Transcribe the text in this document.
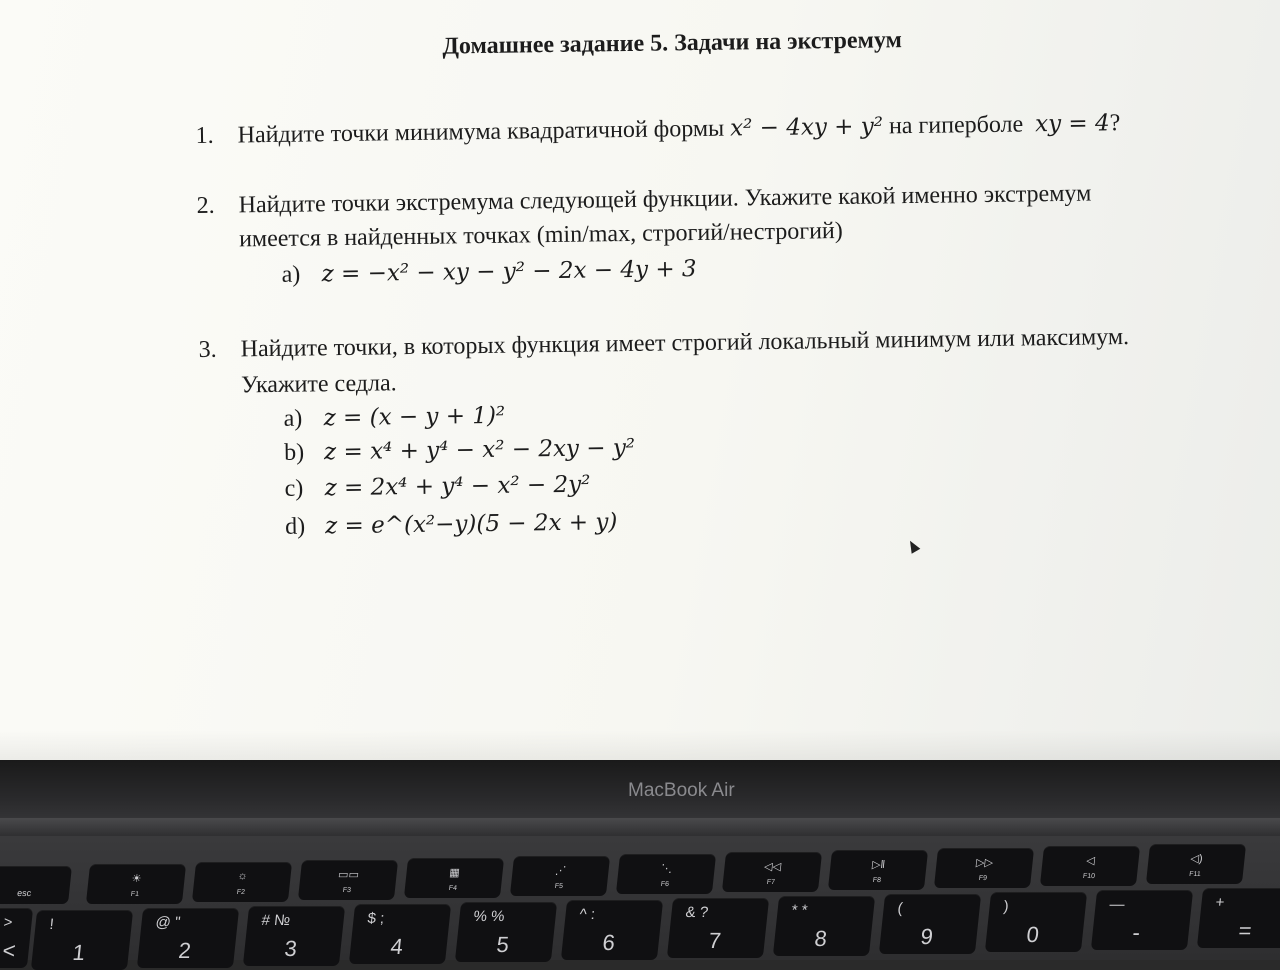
Домашнее задание 5. Задачи на экстремум
1. Найдите точки минимума квадратичной формы x² − 4xy + y² на гиперболе xy = 4?
2. Найдите точки экстремума следующей функции. Укажите какой именно экстремум
имеется в найденных точках (min/max, строгий/нестрогий)
a) z = −x² − xy − y² − 2x − 4y + 3
3. Найдите точки, в которых функция имеет строгий локальный минимум или максимум.
Укажите седла.
a) z = (x − y + 1)²
b) z = x⁴ + y⁴ − x² − 2xy − y²
c) z = 2x⁴ + y⁴ − x² − 2y²
d) z = e^(x²−y)(5 − 2x + y)
MacBook Air
esc
☀
F1
☼
F2
▭▭
F3
▦
F4
⋰
F5
⋱
F6
◁◁
F7
▷‖
F8
▷▷
F9
◁
F10
◁)
F11
>
<
!
1
@ "
2
# №
3
$ ;
4
% %
5
^ :
6
& ?
7
* *
8
(
9
)
0
—
-
+
=
